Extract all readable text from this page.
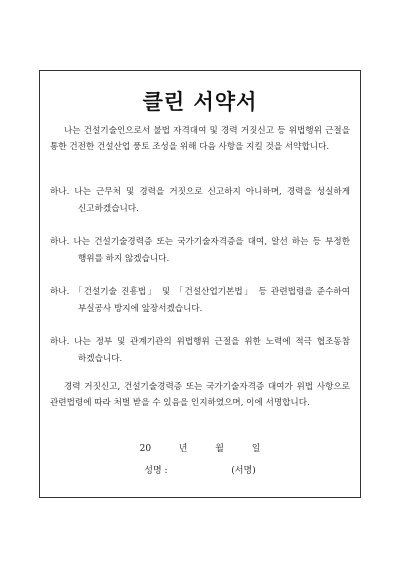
클린 서약서

나는 건설기술인으로서 불법 자격대여 및 경력 거짓신고 등 위법행위 근절을 통한 건전한 건설산업 풍토 조성을 위해 다음 사항을 지킬 것을 서약합니다.

하나. 나는 근무처 및 경력을 거짓으로 신고하지 아니하며, 경력을 성실하게 신고하겠습니다.

하나. 나는 건설기술경력증 또는 국가기술자격증을 대여, 알선 하는 등 부정한 행위를 하지 않겠습니다.

하나. 「건설기술 진흥법」 및 「건설산업기본법」 등 관련법령을 준수하여 부실공사 방지에 앞장서겠습니다.

하나. 나는 정부 및 관계기관의 위법행위 근절을 위한 노력에 적극 협조동참 하겠습니다.

경력 거짓신고, 건설기술경력증 또는 국가기술자격증 대여가 위법 사항으로 관련법령에 따라 처벌 받을 수 있음을 인지하였으며, 이에 서명합니다.

20	년	월	일
성명 :	(서명)
